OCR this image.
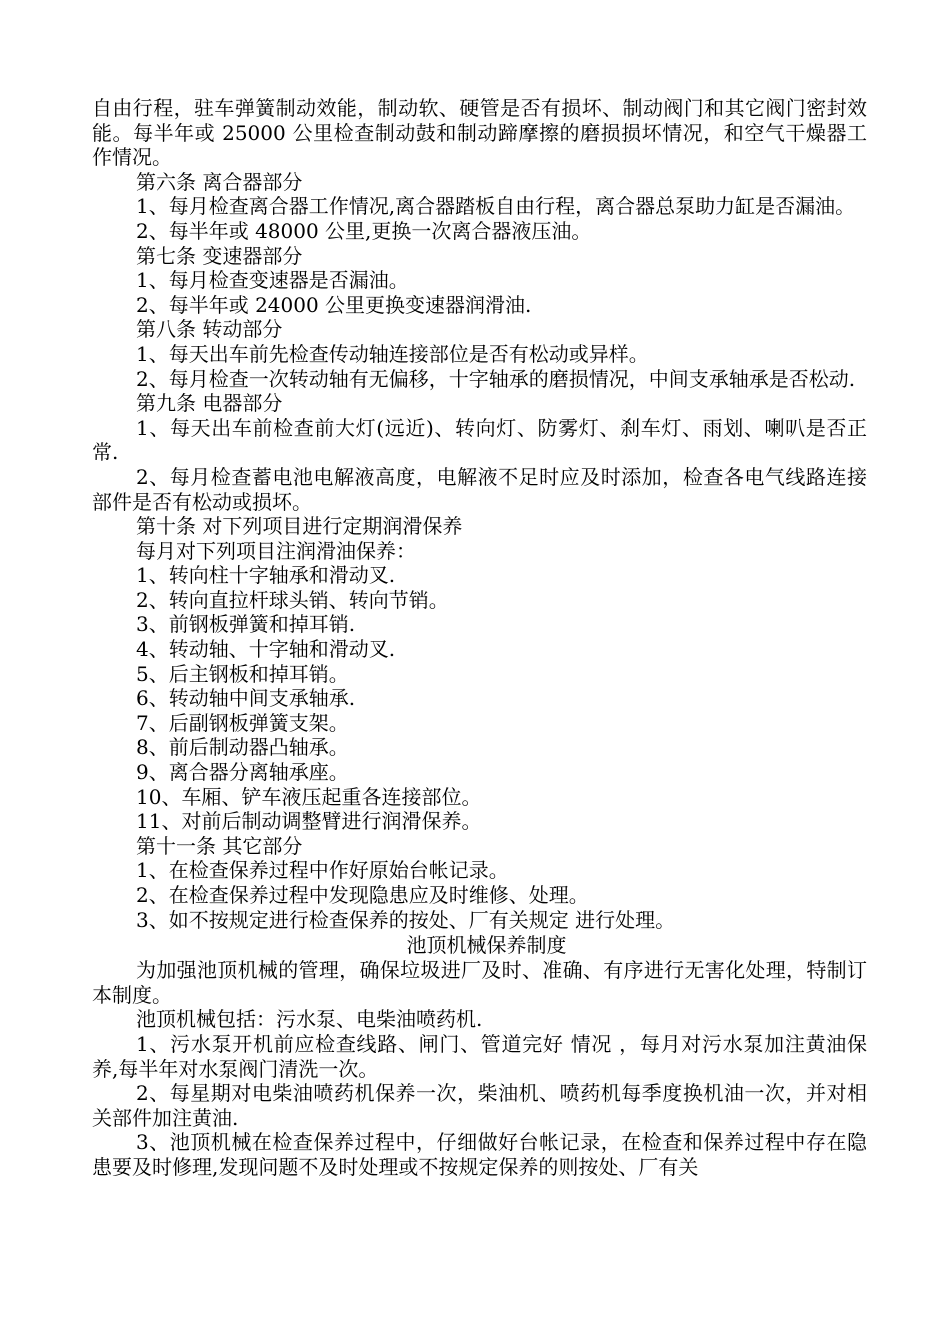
自由行程，驻车弹簧制动效能，制动软、硬管是否有损坏、制动阀门和其它阀门密封效能。每半年或 25000 公里检查制动鼓和制动蹄摩擦的磨损损坏情况，和空气干燥器工作情况。

第六条 离合器部分

1、每月检查离合器工作情况,离合器踏板自由行程，离合器总泵助力缸是否漏油。

2、每半年或 48000 公里,更换一次离合器液压油。

第七条 变速器部分

1、每月检查变速器是否漏油。

2、每半年或 24000 公里更换变速器润滑油.

第八条 转动部分

1、每天出车前先检查传动轴连接部位是否有松动或异样。

2、每月检查一次转动轴有无偏移，十字轴承的磨损情况，中间支承轴承是否松动.

第九条 电器部分

1、每天出车前检查前大灯(远近)、转向灯、防雾灯、刹车灯、雨划、喇叭是否正常.

2、每月检查蓄电池电解液高度，电解液不足时应及时添加，检查各电气线路连接部件是否有松动或损坏。

第十条 对下列项目进行定期润滑保养

每月对下列项目注润滑油保养：

1、转向柱十字轴承和滑动叉.

2、转向直拉杆球头销、转向节销。

3、前钢板弹簧和掉耳销.

4、转动轴、十字轴和滑动叉.

5、后主钢板和掉耳销。

6、转动轴中间支承轴承.

7、后副钢板弹簧支架。

8、前后制动器凸轴承。

9、离合器分离轴承座。

10、车厢、铲车液压起重各连接部位。

11、对前后制动调整臂进行润滑保养。

第十一条 其它部分

1、在检查保养过程中作好原始台帐记录。

2、在检查保养过程中发现隐患应及时维修、处理。

3、如不按规定进行检查保养的按处、厂有关规定 进行处理。

池顶机械保养制度

为加强池顶机械的管理，确保垃圾进厂及时、准确、有序进行无害化处理，特制订本制度。

池顶机械包括：污水泵、电柴油喷药机.

1、污水泵开机前应检查线路、闸门、管道完好 情况 ，每月对污水泵加注黄油保养,每半年对水泵阀门清洗一次。

2、每星期对电柴油喷药机保养一次，柴油机、喷药机每季度换机油一次，并对相关部件加注黄油.

3、池顶机械在检查保养过程中，仔细做好台帐记录，在检查和保养过程中存在隐患要及时修理,发现问题不及时处理或不按规定保养的则按处、厂有关
